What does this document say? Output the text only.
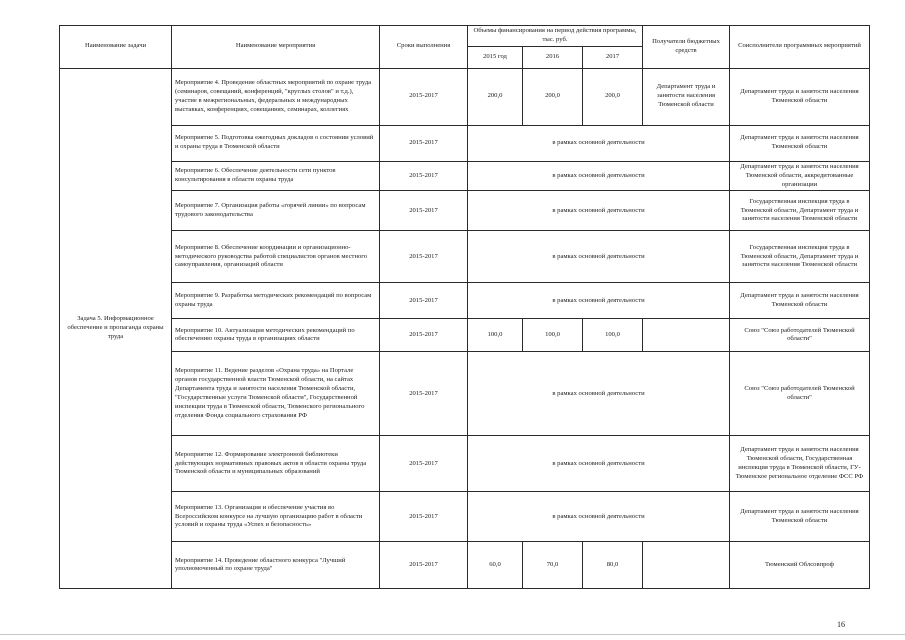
Наименование задачи	Наименование мероприятия	Сроки выполнения	Объемы финансирования на период действия программы, тыс. руб.			Получатели бюджетных средств	Соисполнители программных мероприятий
			2015 год	2016	2017		
Задача 5. Информационное обеспечение и пропаганда охраны труда	Мероприятие 4. Проведение областных мероприятий по охране труда (семинаров, совещаний, конференций, "круглых столов" и т.д.), участие в межрегиональных, федеральных и международных выставках, конференциях, совещаниях, семинарах, коллегиях	2015-2017	200,0	200,0	200,0	Департамент труда и занятости населения Тюменской области	Департамент труда и занятости населения Тюменской области
	Мероприятие 5. Подготовка ежегодных докладов о состоянии условий и охраны труда в Тюменской области	2015-2017	в рамках основной деятельности				Департамент труда и занятости населения Тюменской области
	Мероприятие 6. Обеспечение деятельности сети пунктов консультирования в области охраны труда	2015-2017	в рамках основной деятельности				Департамент труда и занятости населения Тюменской области, аккредитованные организации
	Мероприятие 7. Организация работы «горячей линии» по вопросам трудового законодательства	2015-2017	в рамках основной деятельности				Государственная инспекция труда в Тюменской области, Департамент труда и занятости населения Тюменской области
	Мероприятие 8. Обеспечение координации и организационно-методического руководства работой специалистов органов местного самоуправления, организаций области	2015-2017	в рамках основной деятельности				Государственная инспекция труда в Тюменской области, Департамент труда и занятости населения Тюменской области
	Мероприятие 9. Разработка методических рекомендаций по вопросам охраны труда	2015-2017	в рамках основной деятельности				Департамент труда и занятости населения Тюменской области
	Мероприятие 10. Актуализация методических рекомендаций по обеспечению охраны труда в организациях области	2015-2017	100,0	100,0	100,0		Союз "Союз работодателей Тюменской области"
	Мероприятие 11. Ведение разделов «Охрана труда» на Портале органов государственной власти Тюменской области, на сайтах Департамента труда и занятости населения Тюменской области, "Государственные услуги Тюменской области", Государственной инспекции труда в Тюменской области, Тюменского регионального отделения Фонда социального страхования РФ	2015-2017	в рамках основной деятельности				Союз "Союз работодателей Тюменской области"
	Мероприятие 12. Формирование электронной библиотеки действующих нормативных правовых актов в области охраны труда Тюменской области и муниципальных образований	2015-2017	в рамках основной деятельности				Департамент труда и занятости населения Тюменской области, Государственная инспекция труда в Тюменской области, ГУ-Тюменское региональное отделение ФСС РФ
	Мероприятие 13. Организация и обеспечение участия во Всероссийском конкурсе на лучшую организацию работ в области условий и охраны труда «Успех и безопасность»	2015-2017	в рамках основной деятельности				Департамент труда и занятости населения Тюменской области
	Мероприятие 14. Проведение областного конкурса "Лучший уполномоченный по охране труда"	2015-2017	60,0	70,0	80,0		Тюменский Облсовпроф
16
